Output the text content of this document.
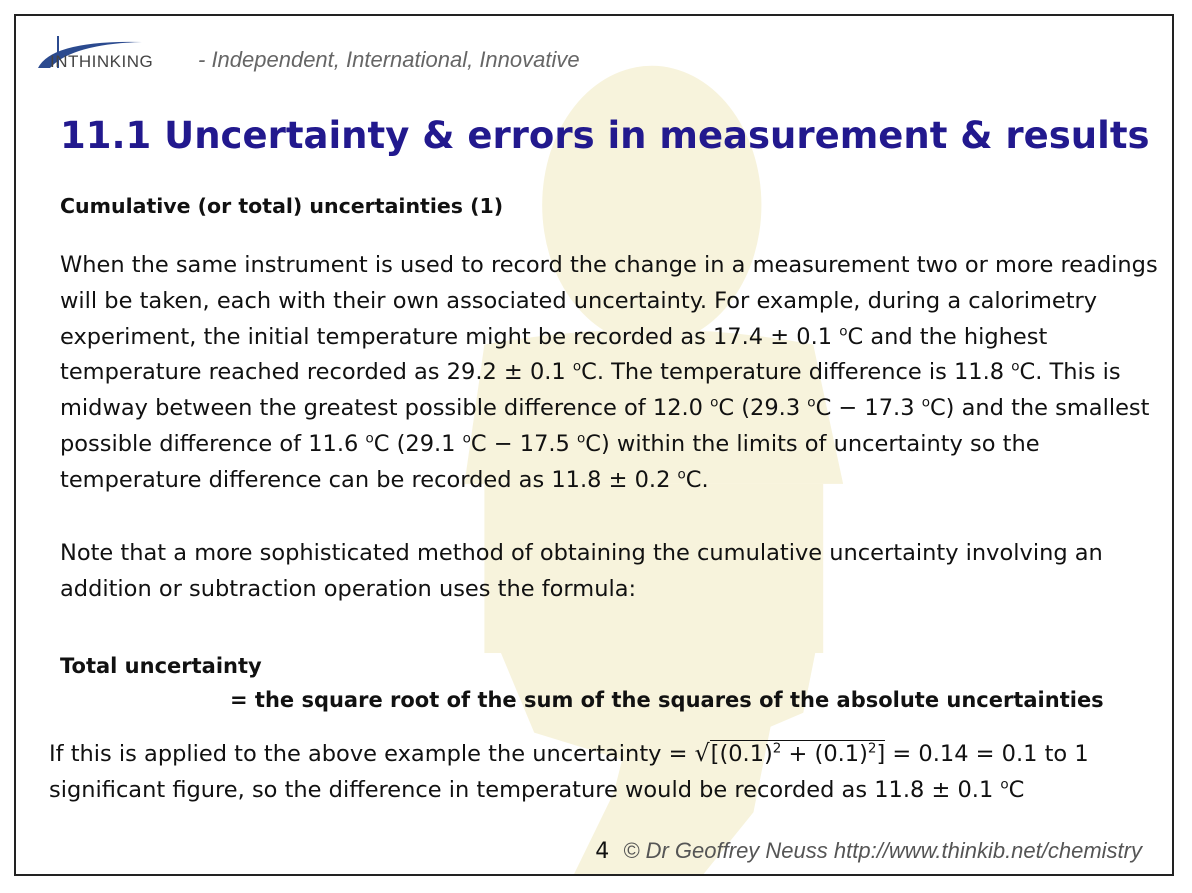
INTHINKING - Independent, International, Innovative
11.1 Uncertainty & errors in measurement & results
Cumulative (or total) uncertainties (1)
When the same instrument is used to record the change in a measurement two or more readings will be taken, each with their own associated uncertainty. For example, during a calorimetry experiment, the initial temperature might be recorded as 17.4 ± 0.1 $^o$C and the highest temperature reached recorded as 29.2 ± 0.1 $^o$C. The temperature difference is 11.8 $^o$C. This is midway between the greatest possible difference of 12.0 $^o$C (29.3 $^o$C − 17.3 $^o$C) and the smallest possible difference of 11.6 $^o$C (29.1 $^o$C − 17.5 $^o$C) within the limits of uncertainty so the temperature difference can be recorded as 11.8 ± 0.2 $^o$C.
Note that a more sophisticated method of obtaining the cumulative uncertainty involving an addition or subtraction operation uses the formula:
Total uncertainty
= the square root of the sum of the squares of the absolute uncertainties
If this is applied to the above example the uncertainty = $√[(0.1)^2 + (0.1)^2] = 0.14 = 0.1$ to 1 significant figure, so the difference in temperature would be recorded as 11.8 ± 0.1 $^o$C
4 © Dr Geoffrey Neuss http://www.thinkib.net/chemistry
